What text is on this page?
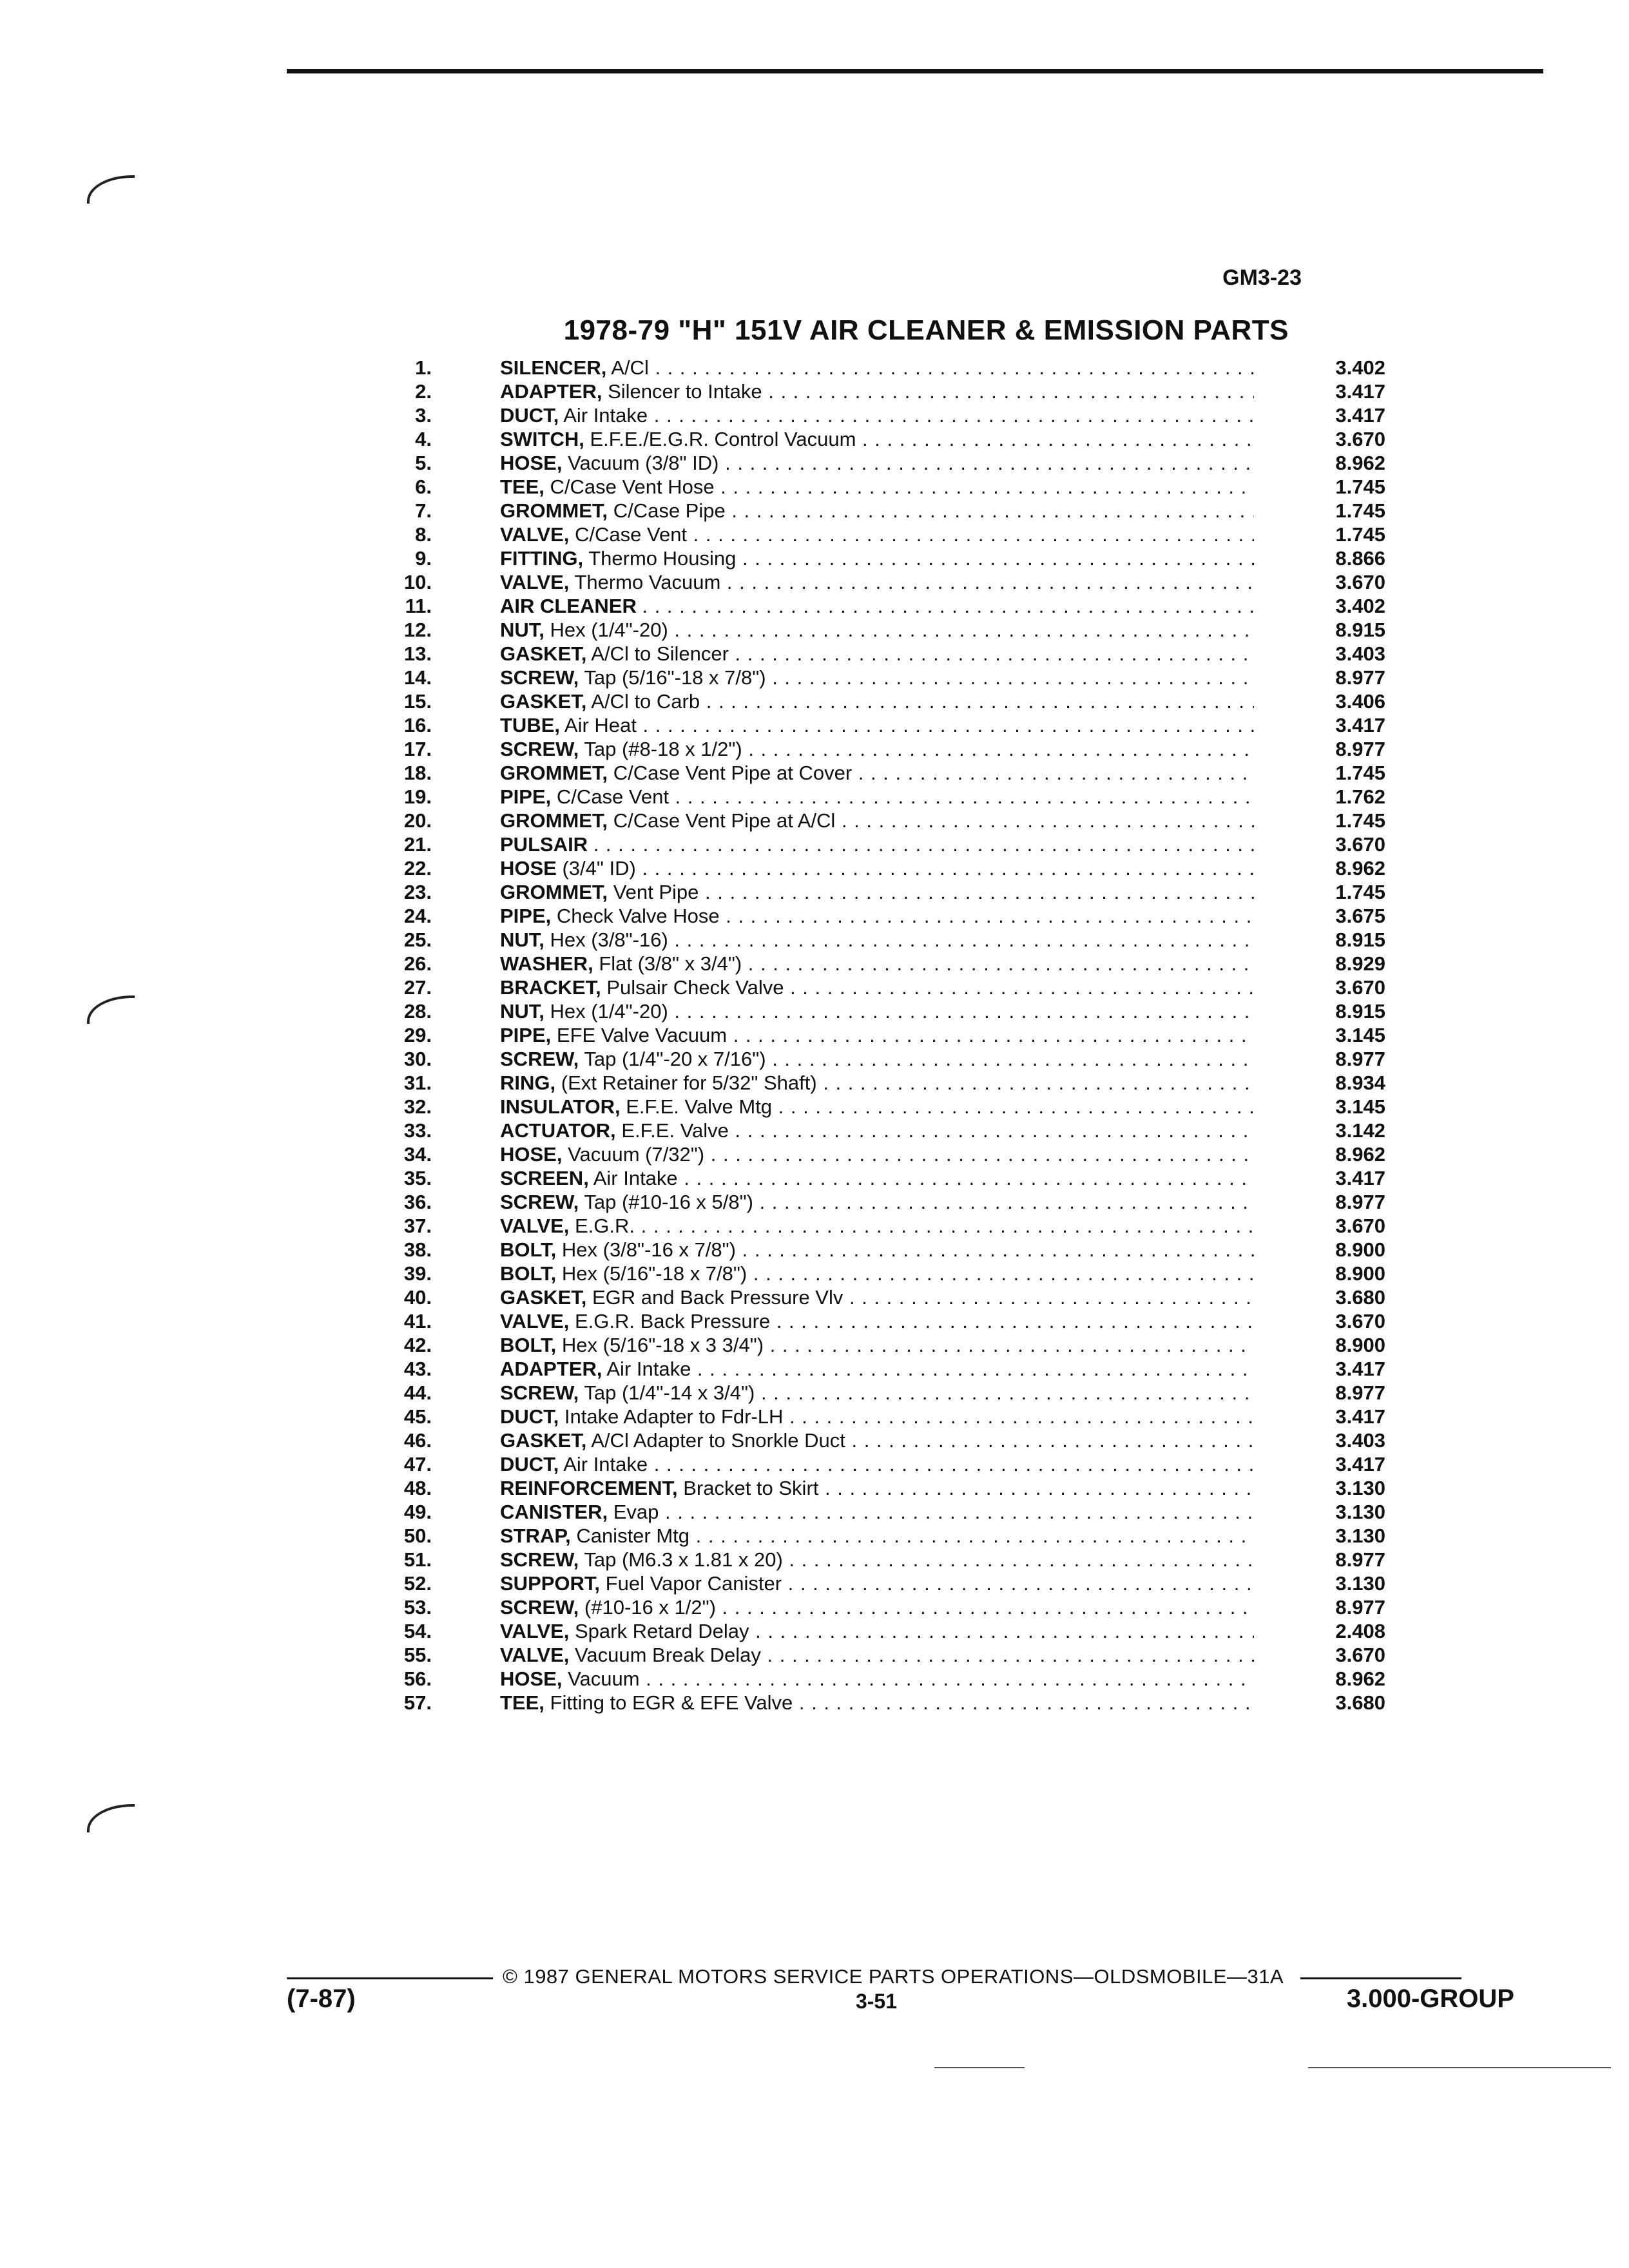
GM3-23
1978-79 "H" 151V AIR CLEANER & EMISSION PARTS
1.	SILENCER, A/Cl . . .	3.402
2.	ADAPTER, Silencer to Intake . . .	3.417
3.	DUCT, Air Intake . . .	3.417
4.	SWITCH, E.F.E./E.G.R. Control Vacuum . . .	3.670
5.	HOSE, Vacuum (3/8" ID) . . .	8.962
6.	TEE, C/Case Vent Hose . . .	1.745
7.	GROMMET, C/Case Pipe . . .	1.745
8.	VALVE, C/Case Vent . . .	1.745
9.	FITTING, Thermo Housing . . .	8.866
10.	VALVE, Thermo Vacuum . . .	3.670
11.	AIR CLEANER . . .	3.402
12.	NUT, Hex (1/4"-20) . . .	8.915
13.	GASKET, A/Cl to Silencer . . .	3.403
14.	SCREW, Tap (5/16"-18 x 7/8") . . .	8.977
15.	GASKET, A/Cl to Carb . . .	3.406
16.	TUBE, Air Heat . . .	3.417
17.	SCREW, Tap (#8-18 x 1/2") . . .	8.977
18.	GROMMET, C/Case Vent Pipe at Cover . . .	1.745
19.	PIPE, C/Case Vent . . .	1.762
20.	GROMMET, C/Case Vent Pipe at A/Cl . . .	1.745
21.	PULSAIR . . .	3.670
22.	HOSE (3/4" ID) . . .	8.962
23.	GROMMET, Vent Pipe . . .	1.745
24.	PIPE, Check Valve Hose . . .	3.675
25.	NUT, Hex (3/8"-16) . . .	8.915
26.	WASHER, Flat (3/8" x 3/4") . . .	8.929
27.	BRACKET, Pulsair Check Valve . . .	3.670
28.	NUT, Hex (1/4"-20) . . .	8.915
29.	PIPE, EFE Valve Vacuum . . .	3.145
30.	SCREW, Tap (1/4"-20 x 7/16") . . .	8.977
31.	RING, (Ext Retainer for 5/32" Shaft) . . .	8.934
32.	INSULATOR, E.F.E. Valve Mtg . . .	3.145
33.	ACTUATOR, E.F.E. Valve . . .	3.142
34.	HOSE, Vacuum (7/32") . . .	8.962
35.	SCREEN, Air Intake . . .	3.417
36.	SCREW, Tap (#10-16 x 5/8") . . .	8.977
37.	VALVE, E.G.R. . . .	3.670
38.	BOLT, Hex (3/8"-16 x 7/8") . . .	8.900
39.	BOLT, Hex (5/16"-18 x 7/8") . . .	8.900
40.	GASKET, EGR and Back Pressure Vlv . . .	3.680
41.	VALVE, E.G.R. Back Pressure . . .	3.670
42.	BOLT, Hex (5/16"-18 x 3 3/4") . . .	8.900
43.	ADAPTER, Air Intake . . .	3.417
44.	SCREW, Tap (1/4"-14 x 3/4") . . .	8.977
45.	DUCT, Intake Adapter to Fdr-LH . . .	3.417
46.	GASKET, A/Cl Adapter to Snorkle Duct . . .	3.403
47.	DUCT, Air Intake . . .	3.417
48.	REINFORCEMENT, Bracket to Skirt . . .	3.130
49.	CANISTER, Evap . . .	3.130
50.	STRAP, Canister Mtg . . .	3.130
51.	SCREW, Tap (M6.3 x 1.81 x 20) . . .	8.977
52.	SUPPORT, Fuel Vapor Canister . . .	3.130
53.	SCREW, (#10-16 x 1/2") . . .	8.977
54.	VALVE, Spark Retard Delay . . .	2.408
55.	VALVE, Vacuum Break Delay . . .	3.670
56.	HOSE, Vacuum . . .	8.962
57.	TEE, Fitting to EGR & EFE Valve . . .	3.680
© 1987 GENERAL MOTORS SERVICE PARTS OPERATIONS—OLDSMOBILE—31A
(7-87)	3-51	3.000-GROUP
